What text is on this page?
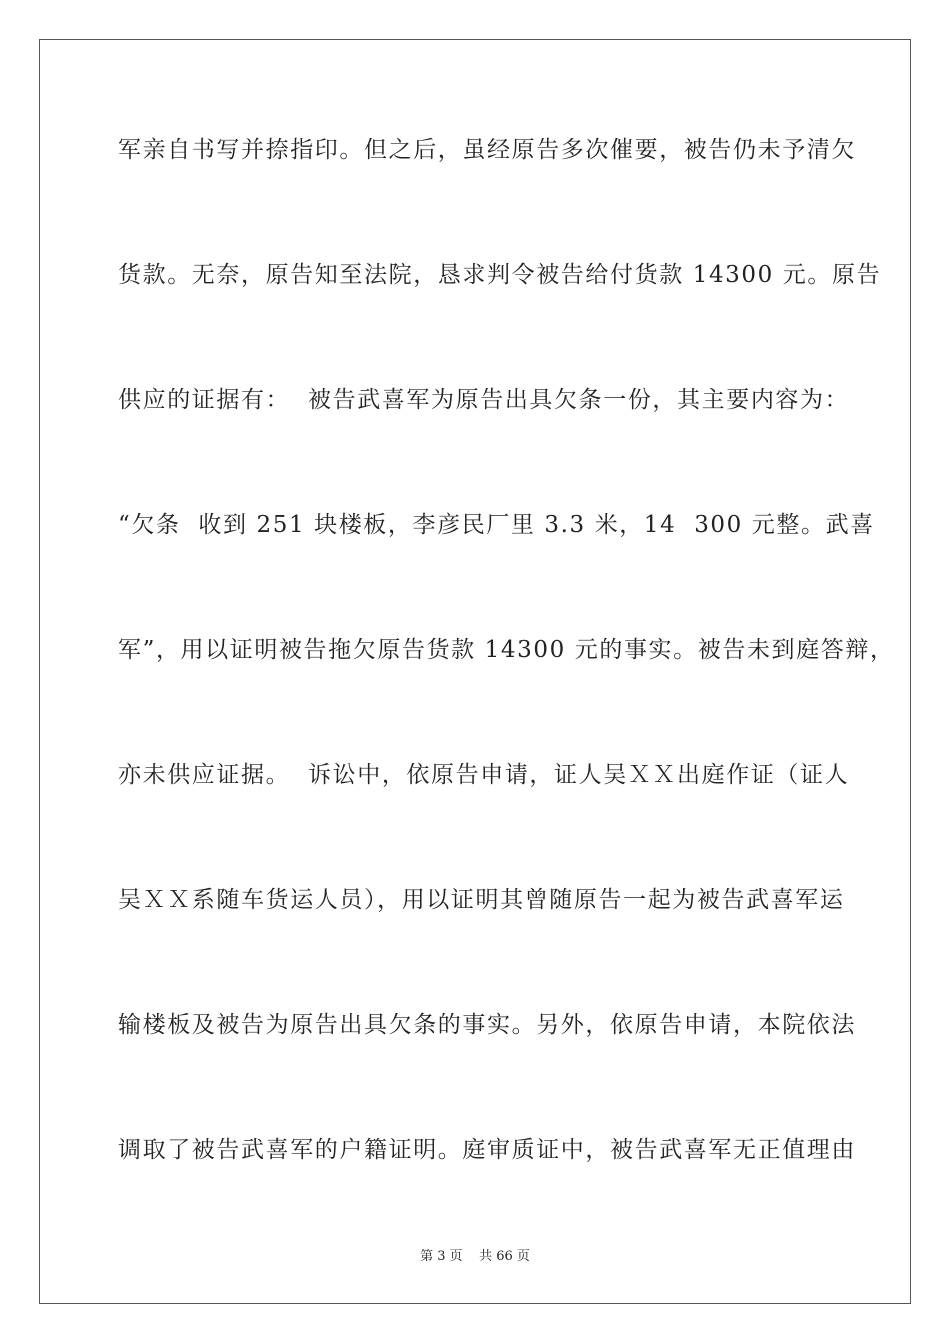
军亲自书写并捺指印。但之后，虽经原告多次催要，被告仍未予清欠
货款。无奈，原告知至法院，恳求判令被告给付货款 14300 元。原告
供应的证据有：  被告武喜军为原告出具欠条一份，其主要内容为：
“欠条  收到 251 块楼板，李彦民厂里 3.3 米，14  300 元整。武喜
军”，用以证明被告拖欠原告货款 14300 元的事实。被告未到庭答辩，
亦未供应证据。  诉讼中，依原告申请，证人吴ＸＸ出庭作证（证人
吴ＸＸ系随车货运人员），用以证明其曾随原告一起为被告武喜军运
输楼板及被告为原告出具欠条的事实。另外，依原告申请，本院依法
调取了被告武喜军的户籍证明。庭审质证中，被告武喜军无正值理由
第 3 页    共 66 页
